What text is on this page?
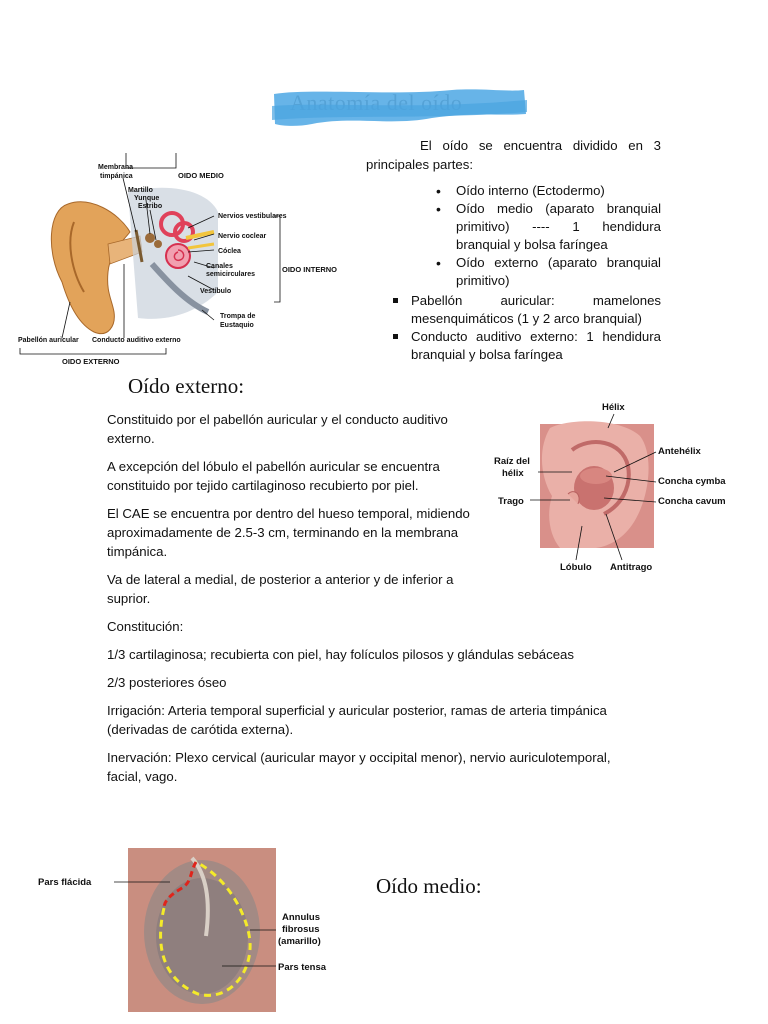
Membrana
timpánica
Martillo
Yunque
Estribo
OIDO MEDIO
Nervios vestibulares
Nervio coclear
Cóclea
Canales
semicirculares
Vestíbulo
OIDO INTERNO
Trompa de
Eustaquio
Pabellón auricular Conducto auditivo externo
OIDO EXTERNO

El oído se encuentra dividido en 3 principales partes:

• Oído interno (Ectodermo)
• Oído medio (aparato branquial primitivo) ---- 1 hendidura branquial y bolsa faríngea
• Oído externo (aparato branquial primitivo)
Pabellón auricular: mamelones mesenquimáticos (1 y 2 arco branquial)
Conducto auditivo externo: 1 hendidura branquial y bolsa faríngea
Oído externo:

Constituido por el pabellón auricular y el conducto auditivo externo.

A excepción del lóbulo el pabellón auricular se encuentra constituido por tejido cartilaginoso recubierto por piel.

El CAE se encuentra por dentro del hueso temporal, midiendo aproximadamente de 2.5-3 cm, terminando en la membrana timpánica.

Va de lateral a medial, de posterior a anterior y de inferior a suprior.

Constitución:

1/3 cartilaginosa; recubierta con piel, hay folículos pilosos y glándulas sebáceas

2/3 posteriores óseo

Irrigación: Arteria temporal superficial y auricular posterior, ramas de arteria timpánica (derivadas de carótida externa).

Inervación: Plexo cervical (auricular mayor y occipital menor), nervio auriculotemporal, facial, vago.

Hélix
Antehélix
Raíz del
hélix
Concha cymba
Trago	Concha cavum
Lóbulo Antitrago
Pars flácida
Annulus
fibrosus
(amarillo)
Pars tensa
Oído medio:
